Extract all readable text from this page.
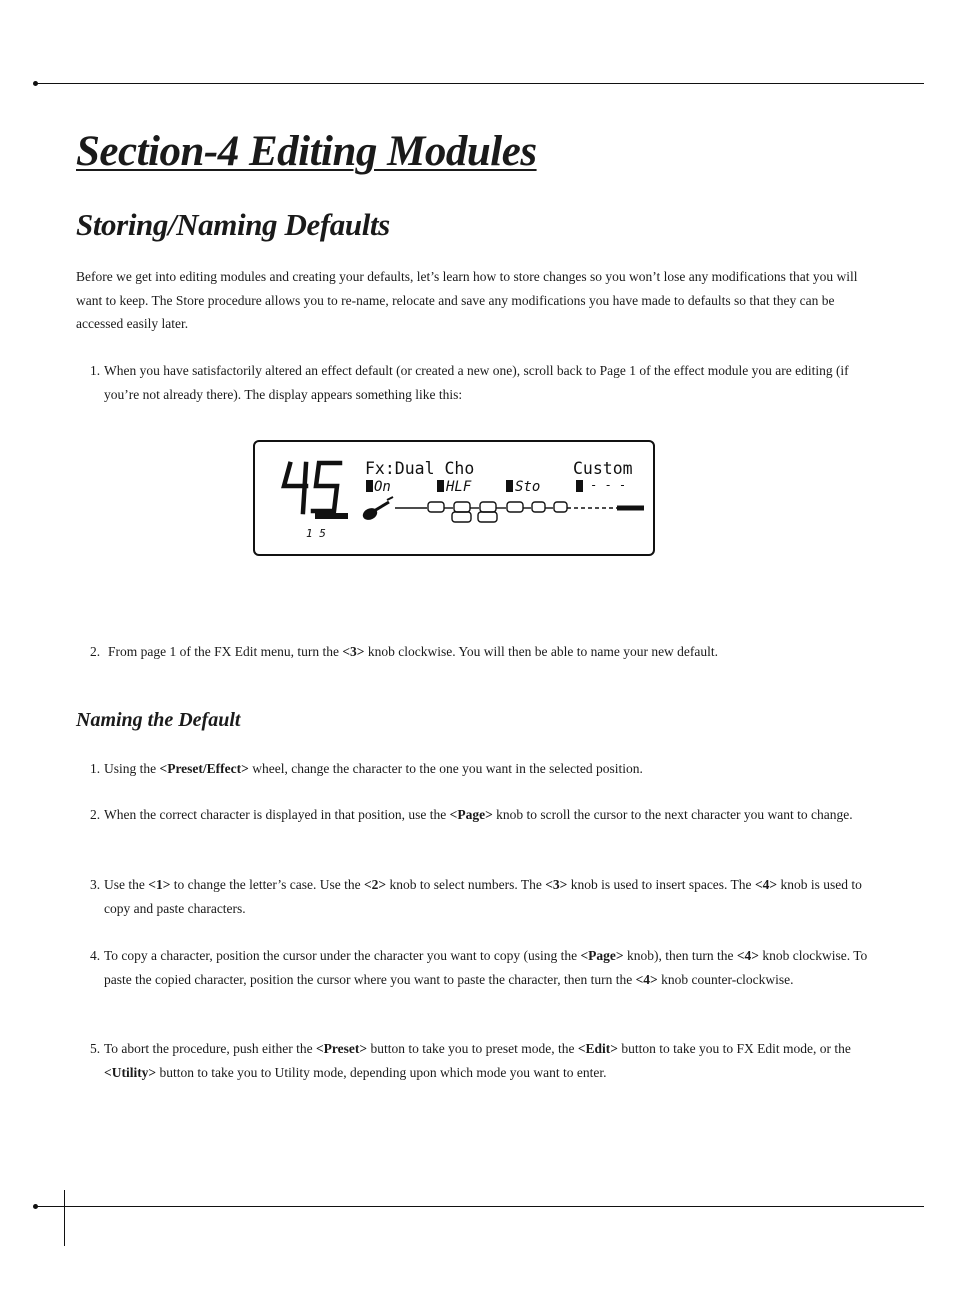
Section-4 Editing Modules
Storing/Naming Defaults

Before we get into editing modules and creating your defaults, let’s learn how to store changes so you won’t lose any modifications that you will want to keep. The Store procedure allows you to re-name, relocate and save any modifications you have made to defaults so that they can be accessed easily later.

1. When you have satisfactorily altered an effect default (or created a new one), scroll back to Page 1 of the effect module you are editing (if you’re not already there). The display appears something like this:
1 5
Fx:Dual Cho	Custom
On	HLF	Sto	- - -
2. From page 1 of the FX Edit menu, turn the <3> knob clockwise. You will then be able to name your new default.
Naming the Default
1. Using the <Preset/Effect> wheel, change the character to the one you want in the selected position.
2. When the correct character is displayed in that position, use the <Page> knob to scroll the cursor to the next character you want to change.
3. Use the <1> to change the letter’s case. Use the <2> knob to select numbers. The <3> knob is used to insert spaces. The <4> knob is used to copy and paste characters.
4. To copy a character, position the cursor under the character you want to copy (using the <Page> knob), then turn the <4> knob clockwise. To paste the copied character, position the cursor where you want to paste the character, then turn the <4> knob counter-clockwise.
5. To abort the procedure, push either the <Preset> button to take you to preset mode, the <Edit> button to take you to FX Edit mode, or the <Utility> button to take you to Utility mode, depending upon which mode you want to enter.
